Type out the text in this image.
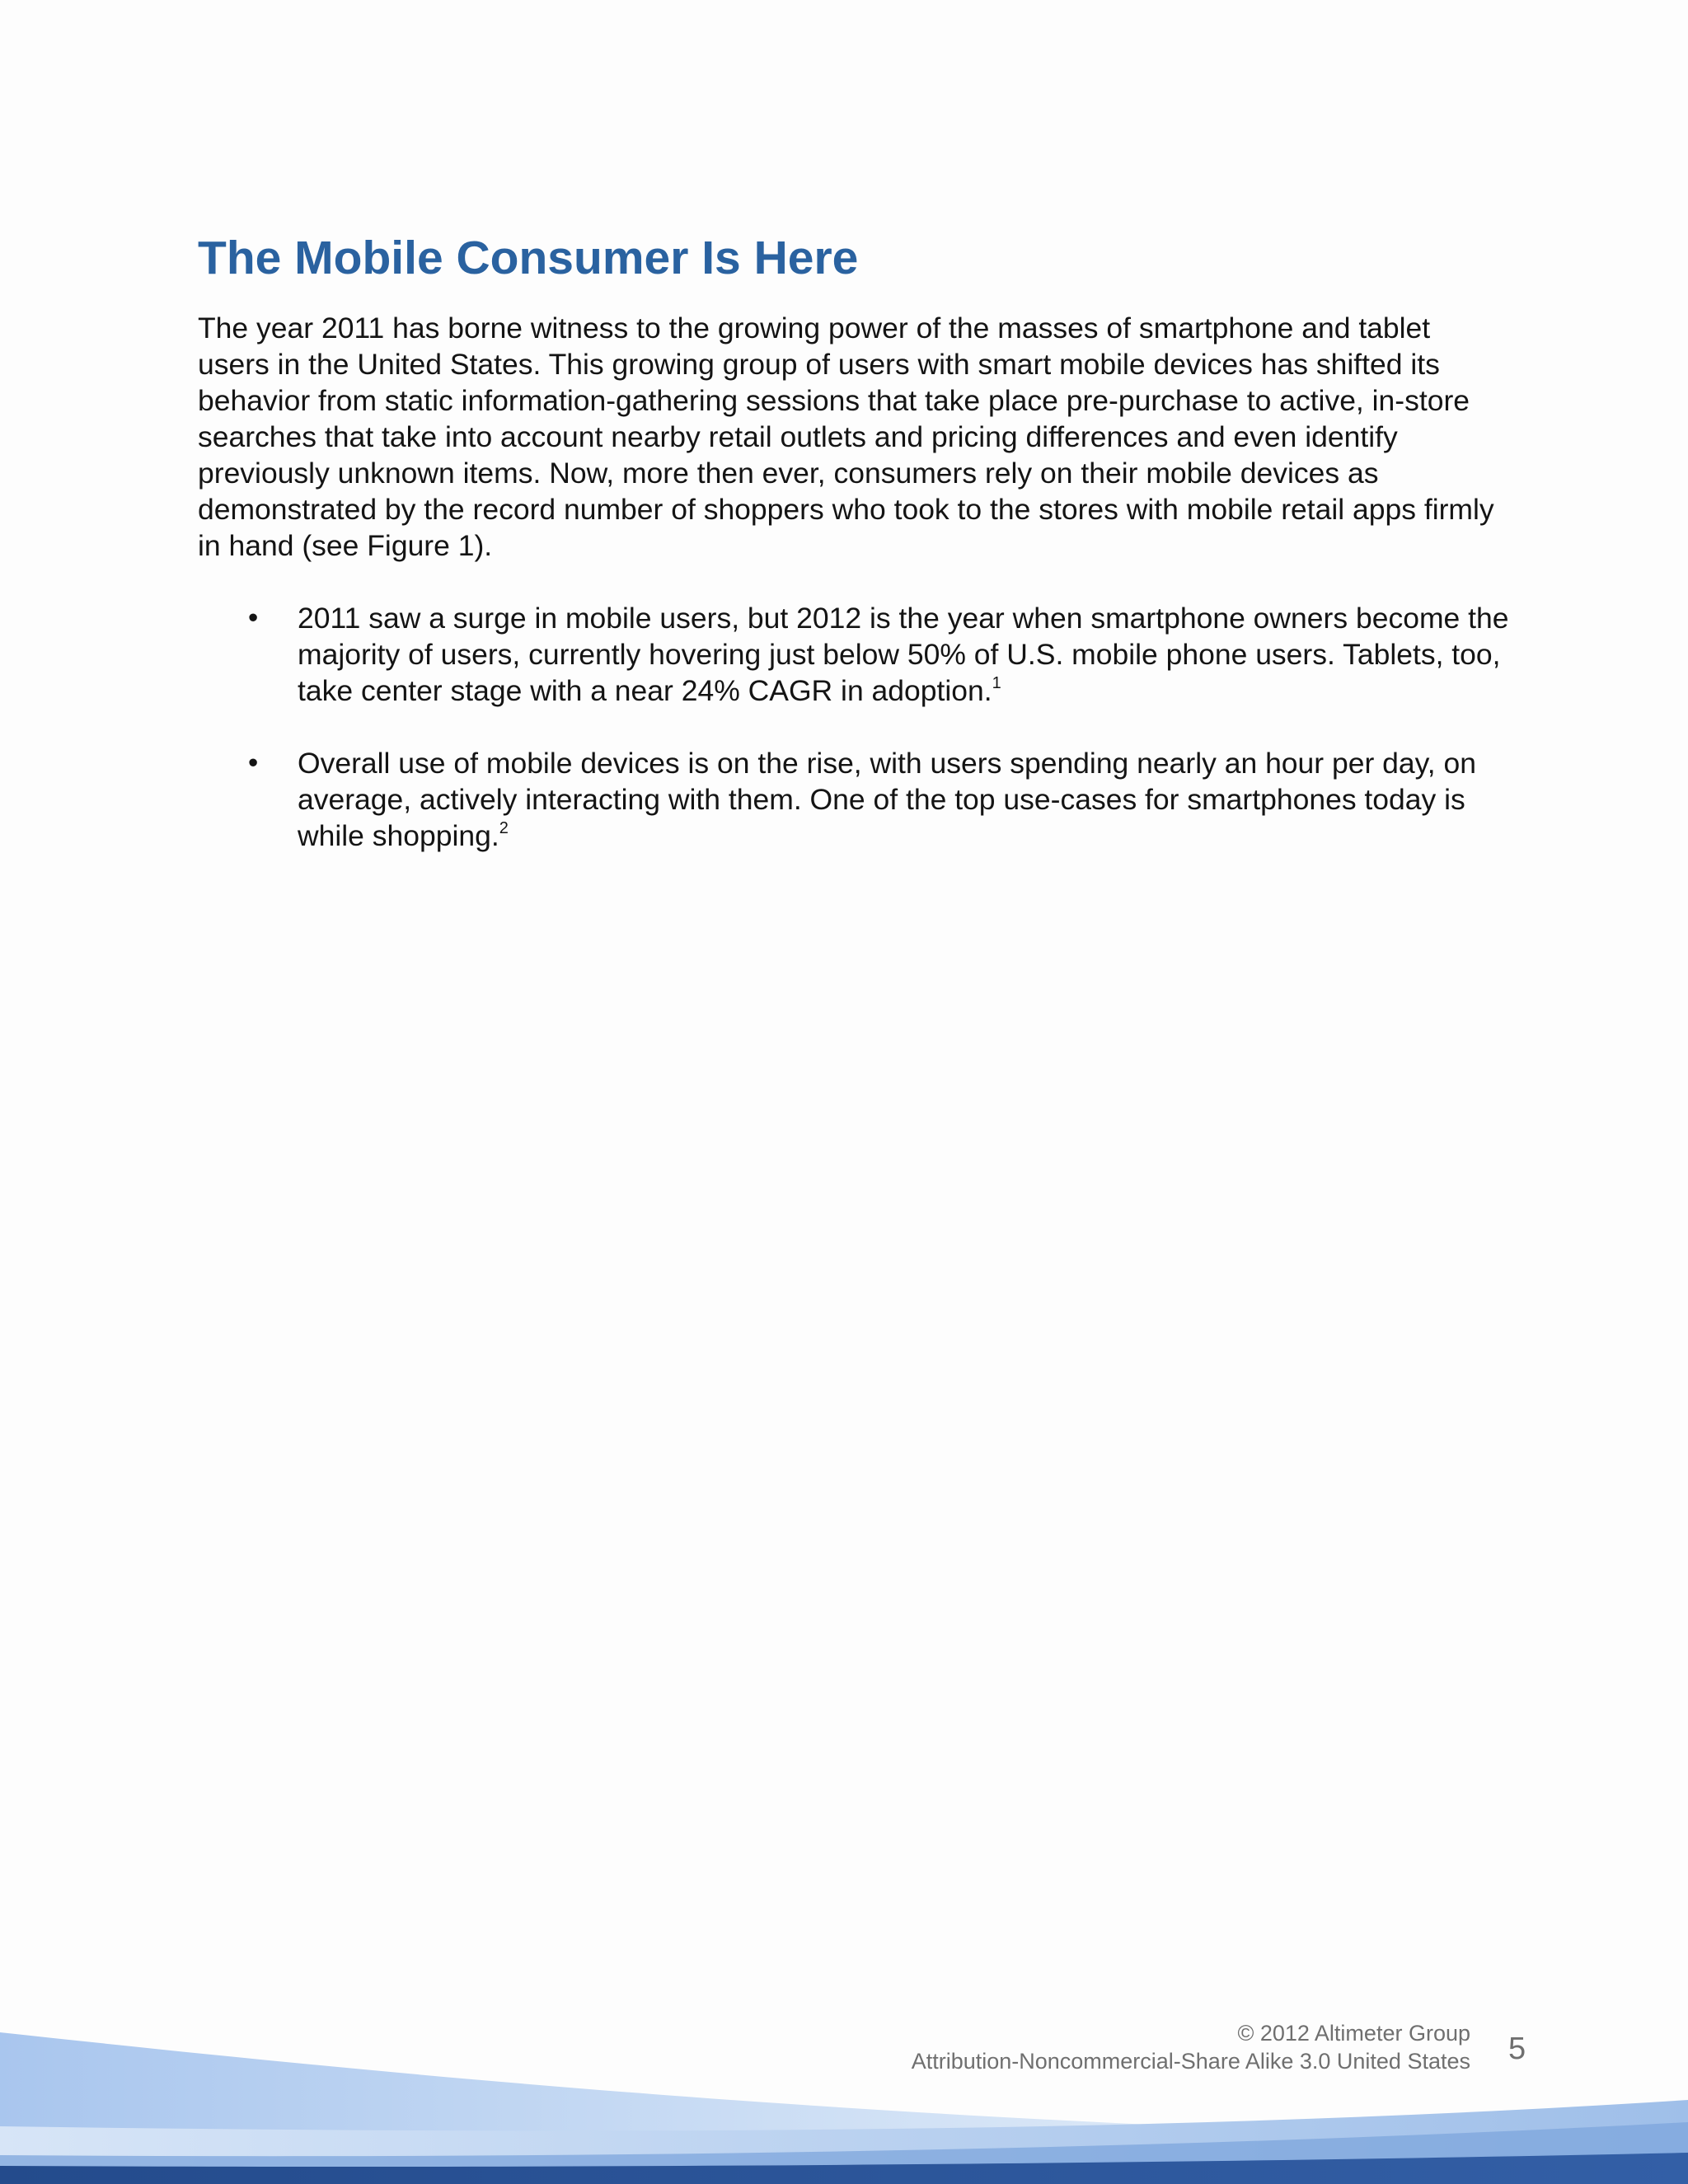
The Mobile Consumer Is Here

The year 2011 has borne witness to the growing power of the masses of smartphone and tablet users in the United States. This growing group of users with smart mobile devices has shifted its behavior from static information-gathering sessions that take place pre-purchase to active, in-store searches that take into account nearby retail outlets and pricing differences and even identify previously unknown items. Now, more then ever, consumers rely on their mobile devices as demonstrated by the record number of shoppers who took to the stores with mobile retail apps firmly in hand (see Figure 1).

• 2011 saw a surge in mobile users, but 2012 is the year when smartphone owners become the majority of users, currently hovering just below 50% of U.S. mobile phone users. Tablets, too, take center stage with a near 24% CAGR in adoption.$^1$
• Overall use of mobile devices is on the rise, with users spending nearly an hour per day, on average, actively interacting with them. One of the top use-cases for smartphones today is while shopping.$^2$
© 2012 Altimeter Group
Attribution-Noncommercial-Share Alike 3.0 United States 5
